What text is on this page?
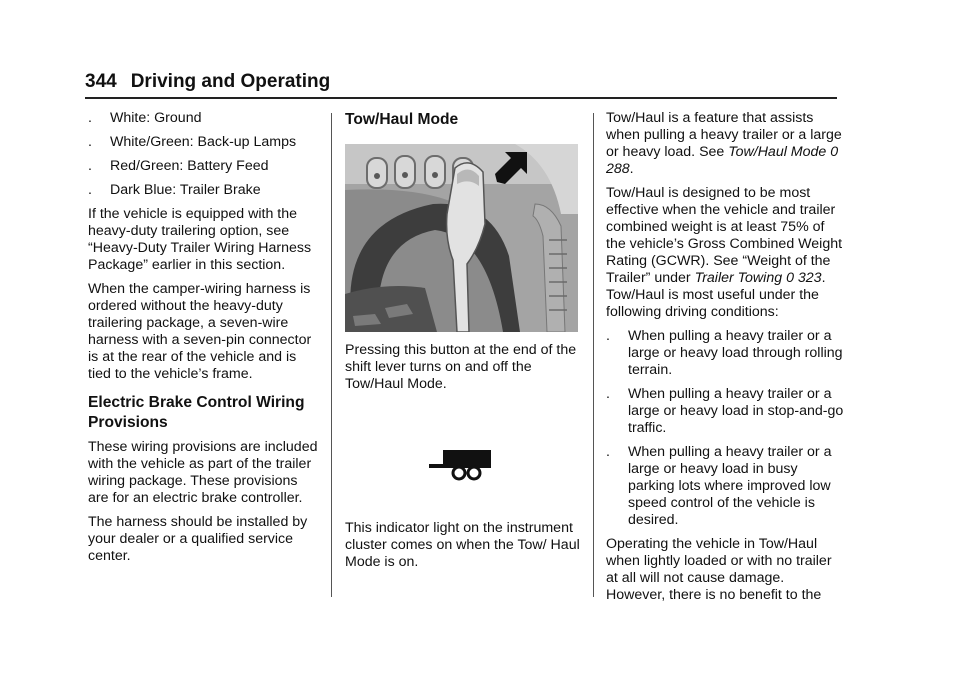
344 Driving and Operating
. White: Ground
. White/Green: Back-up Lamps
. Red/Green: Battery Feed
. Dark Blue: Trailer Brake

If the vehicle is equipped with the heavy-duty trailering option, see “Heavy-Duty Trailer Wiring Harness Package” earlier in this section.

When the camper-wiring harness is ordered without the heavy-duty trailering package, a seven-wire harness with a seven-pin connector is at the rear of the vehicle and is tied to the vehicle’s frame.

Electric Brake Control Wiring Provisions

These wiring provisions are included with the vehicle as part of the trailer wiring package. These provisions are for an electric brake controller.

The harness should be installed by your dealer or a qualified service center.

Tow/Haul Mode

Pressing this button at the end of the shift lever turns on and off the Tow/Haul Mode.

This indicator light on the instrument cluster comes on when the Tow/ Haul Mode is on.

Tow/Haul is a feature that assists when pulling a heavy trailer or a large or heavy load. See Tow/Haul Mode 0 288.

Tow/Haul is designed to be most effective when the vehicle and trailer combined weight is at least 75% of the vehicle’s Gross Combined Weight Rating (GCWR). See “Weight of the Trailer” under Trailer Towing 0 323. Tow/Haul is most useful under the following driving conditions:

. When pulling a heavy trailer or a large or heavy load through rolling terrain.
. When pulling a heavy trailer or a large or heavy load in stop-and-go traffic.
. When pulling a heavy trailer or a large or heavy load in busy parking lots where improved low speed control of the vehicle is desired.

Operating the vehicle in Tow/Haul when lightly loaded or with no trailer at all will not cause damage. However, there is no benefit to the
